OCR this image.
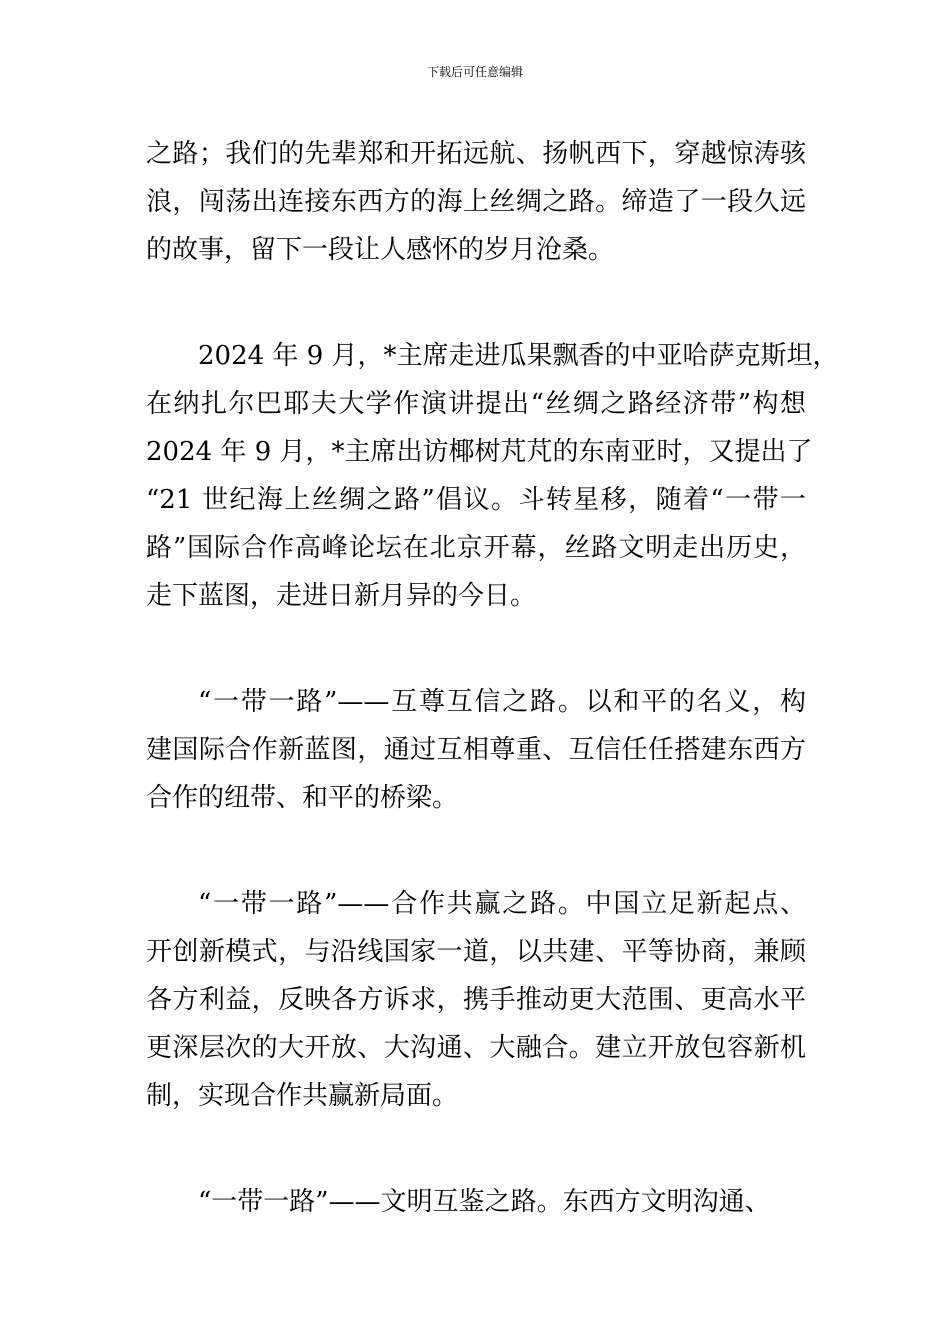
下载后可任意编辑

之路；我们的先辈郑和开拓远航、扬帆西下，穿越惊涛骇
浪，闯荡出连接东西方的海上丝绸之路。缔造了一段久远
的故事，留下一段让人感怀的岁月沧桑。

2024 年 9 月，*主席走进瓜果飘香的中亚哈萨克斯坦，
在纳扎尔巴耶夫大学作演讲提出“丝绸之路经济带”构想
2024 年 9 月，*主席出访椰树芃芃的东南亚时，又提出了
“21 世纪海上丝绸之路”倡议。斗转星移，随着“一带一
路”国际合作高峰论坛在北京开幕，丝路文明走出历史，
走下蓝图，走进日新月异的今日。

“一带一路”——互尊互信之路。以和平的名义，构
建国际合作新蓝图，通过互相尊重、互信任任搭建东西方
合作的纽带、和平的桥梁。

“一带一路”——合作共赢之路。中国立足新起点、
开创新模式，与沿线国家一道，以共建、平等协商，兼顾
各方利益，反映各方诉求，携手推动更大范围、更高水平
更深层次的大开放、大沟通、大融合。建立开放包容新机
制，实现合作共赢新局面。

“一带一路”——文明互鉴之路。东西方文明沟通、
